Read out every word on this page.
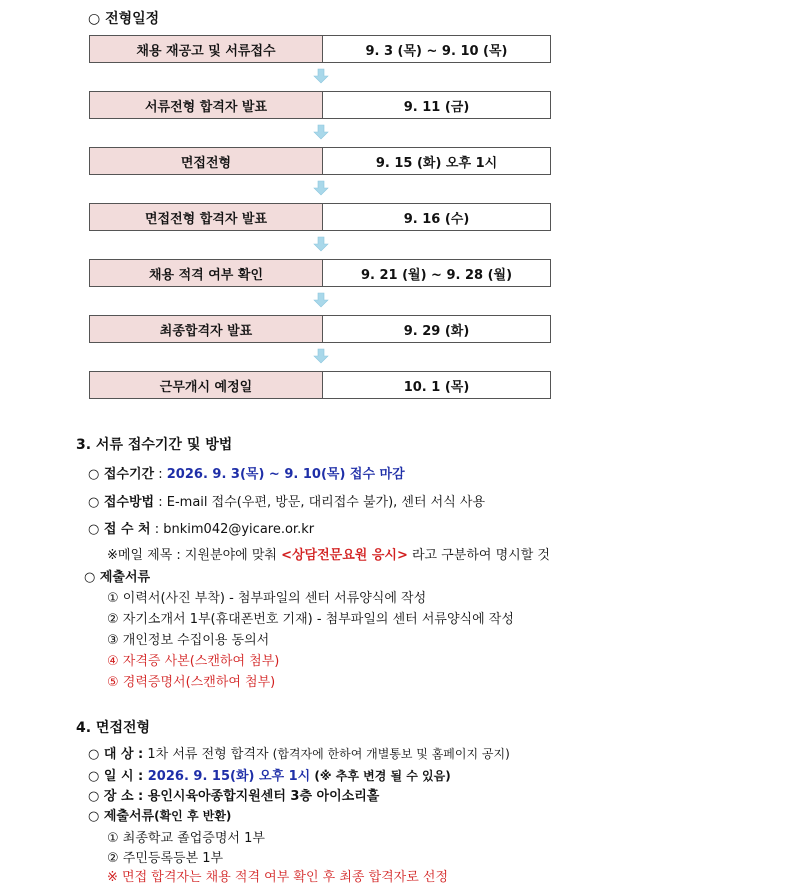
○ 전형일정
채용 재공고 및 서류접수	9. 3 (목) ~ 9. 10 (목)
서류전형 합격자 발표	9. 11 (금)
면접전형	9. 15 (화) 오후 1시
면접전형 합격자 발표	9. 16 (수)
채용 적격 여부 확인	9. 21 (월) ~ 9. 28 (월)
최종합격자 발표	9. 29 (화)
근무개시 예정일	10. 1 (목)
3. 서류 접수기간 및 방법
○ 접수기간 : 2026. 9. 3(목) ~ 9. 10(목) 접수 마감
○ 접수방법 : E-mail 접수(우편, 방문, 대리접수 불가), 센터 서식 사용
○ 접 수 처 : bnkim042@yicare.or.kr
※메일 제목 : 지원분야에 맞춰 <상담전문요원 응시> 라고 구분하여 명시할 것
○ 제출서류
① 이력서(사진 부착) - 첨부파일의 센터 서류양식에 작성
② 자기소개서 1부(휴대폰번호 기재) - 첨부파일의 센터 서류양식에 작성
③ 개인정보 수집이용 동의서
④ 자격증 사본(스캔하여 첨부)
⑤ 경력증명서(스캔하여 첨부)
4. 면접전형
○ 대 상 : 1차 서류 전형 합격자 (합격자에 한하여 개별통보 및 홈페이지 공지)
○ 일 시 : 2026. 9. 15(화) 오후 1시 (※ 추후 변경 될 수 있음)
○ 장 소 : 용인시육아종합지원센터 3층 아이소리홀
○ 제출서류(확인 후 반환)
① 최종학교 졸업증명서 1부
② 주민등록등본 1부
※ 면접 합격자는 채용 적격 여부 확인 후 최종 합격자로 선정
